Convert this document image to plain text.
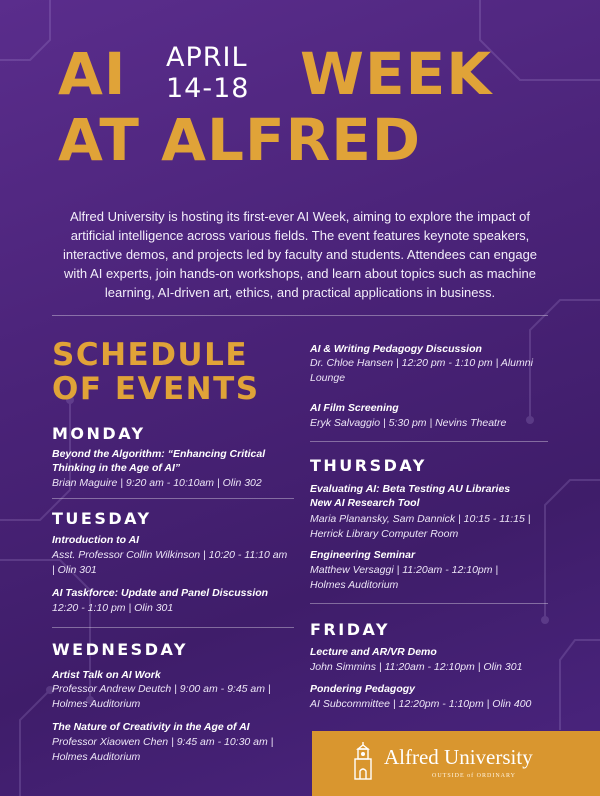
AI APRIL
14-18 WEEK
AT ALFRED
Alfred University is hosting its first-ever AI Week, aiming to explore the impact of artificial intelligence across various fields. The event features keynote speakers, interactive demos, and projects led by faculty and students. Attendees can engage with AI experts, join hands-on workshops, and learn about topics such as machine learning, AI-driven art, ethics, and practical applications in business.
SCHEDULE
OF EVENTS
MONDAY
Beyond the Algorithm: “Enhancing Critical
Thinking in the Age of AI”
Brian Maguire | 9:20 am - 10:10am | Olin 302
TUESDAY
Introduction to AI
Asst. Professor Collin Wilkinson | 10:20 - 11:10 am
| Olin 301
AI Taskforce: Update and Panel Discussion
12:20 - 1:10 pm | Olin 301
WEDNESDAY
Artist Talk on AI Work
Professor Andrew Deutch | 9:00 am - 9:45 am |
Holmes Auditorium
The Nature of Creativity in the Age of AI
Professor Xiaowen Chen | 9:45 am - 10:30 am |
Holmes Auditorium
AI & Writing Pedagogy Discussion
Dr. Chloe Hansen | 12:20 pm - 1:10 pm | Alumni
Lounge
AI Film Screening
Eryk Salvaggio | 5:30 pm | Nevins Theatre
THURSDAY
Evaluating AI: Beta Testing AU Libraries
New AI Research Tool
Maria Planansky, Sam Dannick | 10:15 - 11:15 |
Herrick Library Computer Room
Engineering Seminar
Matthew Versaggi | 11:20am - 12:10pm |
Holmes Auditorium
FRIDAY
Lecture and AR/VR Demo
John Simmins | 11:20am - 12:10pm | Olin 301
Pondering Pedagogy
AI Subcommittee | 12:20pm - 1:10pm | Olin 400
Alfred University
OUTSIDE of ORDINARY
